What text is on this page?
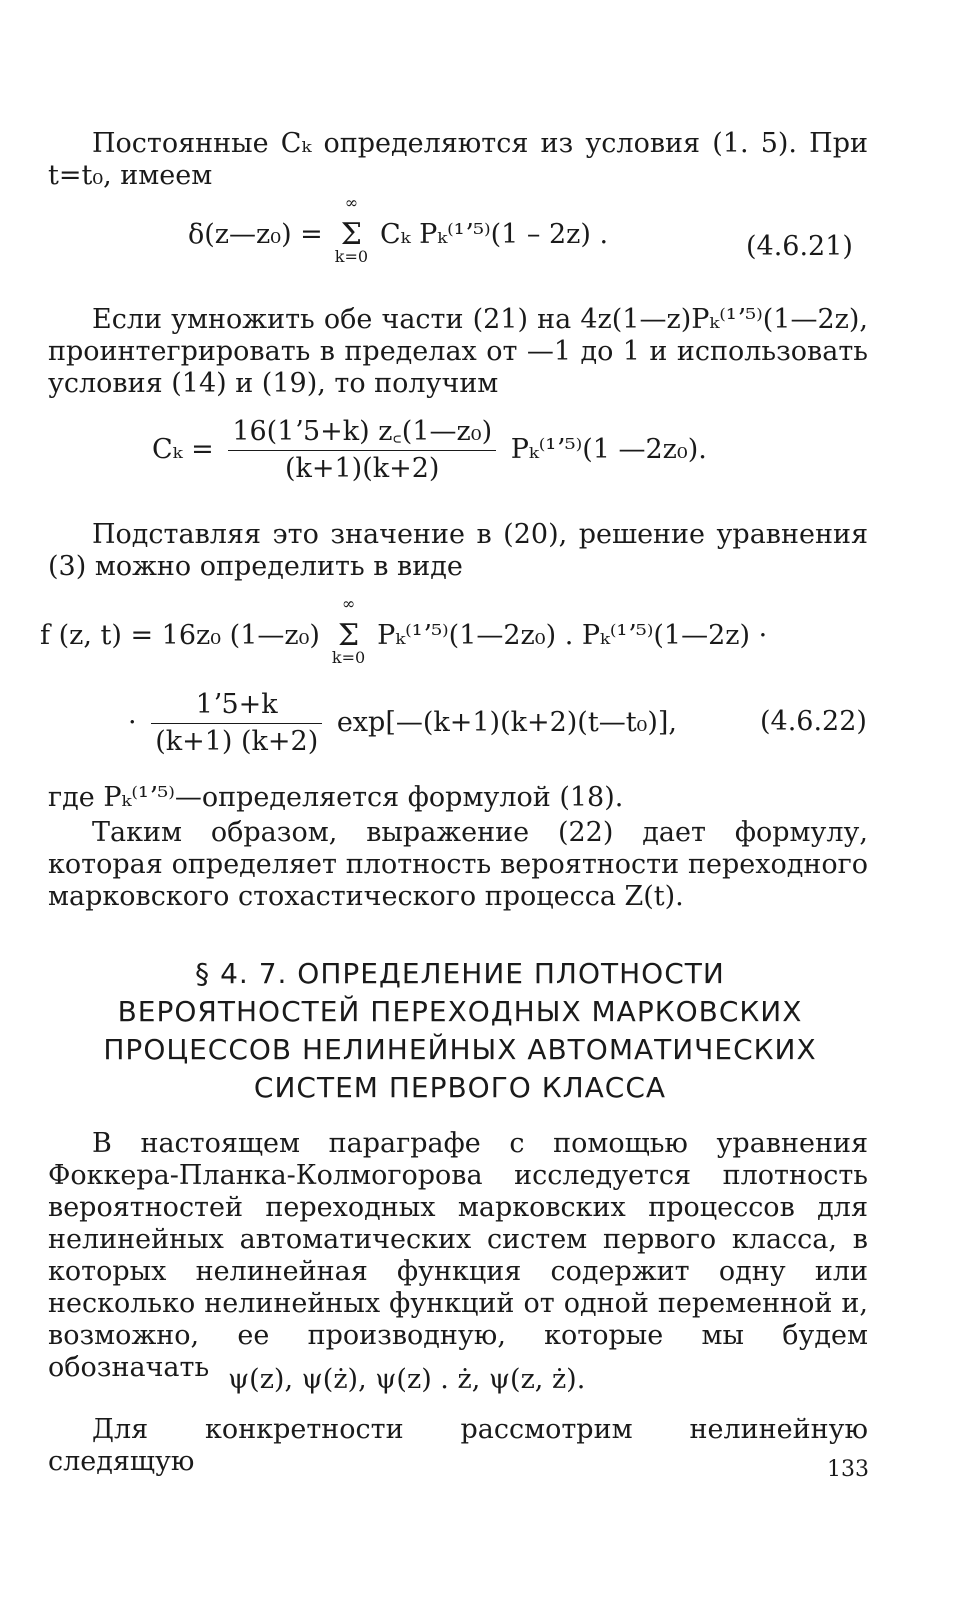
Постоянные Cₖ определяются из условия (1. 5). При t=t₀, имеем

δ(z—z₀) =
∞
Σ
k=0
Cₖ Pₖ⁽¹ʼ⁵⁾(1 – 2z) .	(4.6.21)

Если умножить обе части (21) на 4z(1—z)Pₖ⁽¹ʼ⁵⁾(1—2z), проинтегрировать в пределах от —1 до 1 и использовать условия (14) и (19), то получим

$C_k = \frac{\text{16(1ʼ5+k) z꜀(1—z₀)}}{(k+1)(k+2)}$ Pₖ⁽¹ʼ⁵⁾(1 —2z₀).

Подставляя это значение в (20), решение уравнения (3) можно определить в виде

f (z, t) = 16z₀ (1—z₀)
∞
Σ
k=0
Pₖ⁽¹ʼ⁵⁾(1—2z₀) . Pₖ⁽¹ʼ⁵⁾(1—2z) ·
· $\frac{\text{1ʼ5+k}}{(k+1) (k+2)}$ exp[—(k+1)(k+2)(t—t₀)],	(4.6.22)

где Pₖ⁽¹ʼ⁵⁾—определяется формулой (18).

Таким образом, выражение (22) дает формулу, которая определяет плотность вероятности переходного марковского стохастического процесса Z(t).

§ 4. 7. ОПРЕДЕЛЕНИЕ ПЛОТНОСТИ

ВЕРОЯТНОСТЕЙ ПЕРЕХОДНЫХ МАРКОВСКИХ

ПРОЦЕССОВ НЕЛИНЕЙНЫХ АВТОМАТИЧЕСКИХ

СИСТЕМ ПЕРВОГО КЛАССА

В настоящем параграфе с помощью уравнения Фоккера-Планка-Колмогорова исследуется плотность вероятностей переходных марковских процессов для нелинейных автоматических систем первого класса, в которых нелинейная функция содержит одну или несколько нелинейных функций от одной переменной и, возможно, ее производную, которые мы будем обозначать ψ(z), ψ(ż), ψ(z) . ż, ψ(z, ż).

Для конкретности рассмотрим нелинейную следящую	133
